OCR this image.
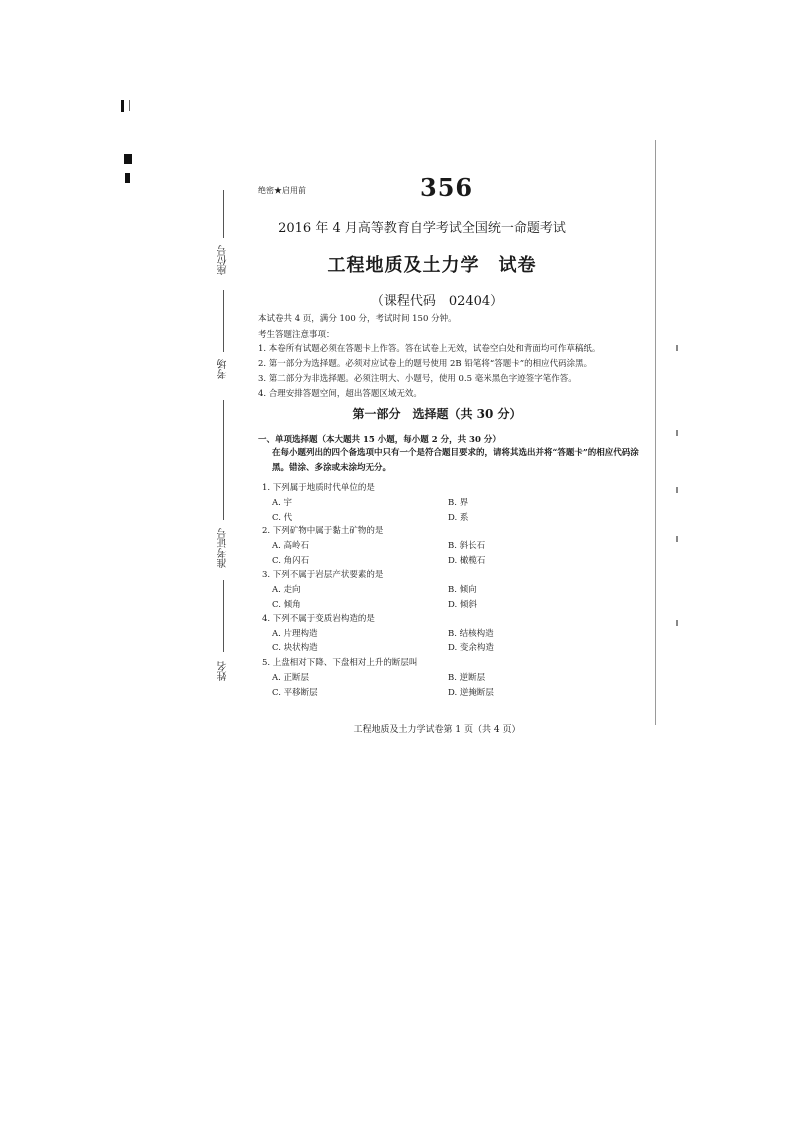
座位号
考场
准考证号
姓名
绝密★启用前	356
2016 年 4 月高等教育自学考试全国统一命题考试
工程地质及土力学　试卷
（课程代码　02404）
本试卷共 4 页，满分 100 分，考试时间 150 分钟。
考生答题注意事项：
1. 本卷所有试题必须在答题卡上作答。答在试卷上无效，试卷空白处和背面均可作草稿纸。
2. 第一部分为选择题。必须对应试卷上的题号使用 2B 铅笔将“答题卡”的相应代码涂黑。
3. 第二部分为非选择题。必须注明大、小题号，使用 0.5 毫米黑色字迹签字笔作答。
4. 合理安排答题空间，超出答题区域无效。
第一部分　选择题（共 30 分）
一、单项选择题（本大题共 15 小题，每小题 2 分，共 30 分）
在每小题列出的四个备选项中只有一个是符合题目要求的，请将其选出并将“答题卡”的相应代码涂黑。错涂、多涂或未涂均无分。
1. 下列属于地质时代单位的是
A. 宇	B. 界
C. 代	D. 系
2. 下列矿物中属于黏土矿物的是
A. 高岭石	B. 斜长石
C. 角闪石	D. 橄榄石
3. 下列不属于岩层产状要素的是
A. 走向	B. 倾向
C. 倾角	D. 倾斜
4. 下列不属于变质岩构造的是
A. 片理构造	B. 结核构造
C. 块状构造	D. 变余构造
5. 上盘相对下降、下盘相对上升的断层叫
A. 正断层	B. 逆断层
C. 平移断层	D. 逆掩断层
工程地质及土力学试卷第 1 页（共 4 页）
